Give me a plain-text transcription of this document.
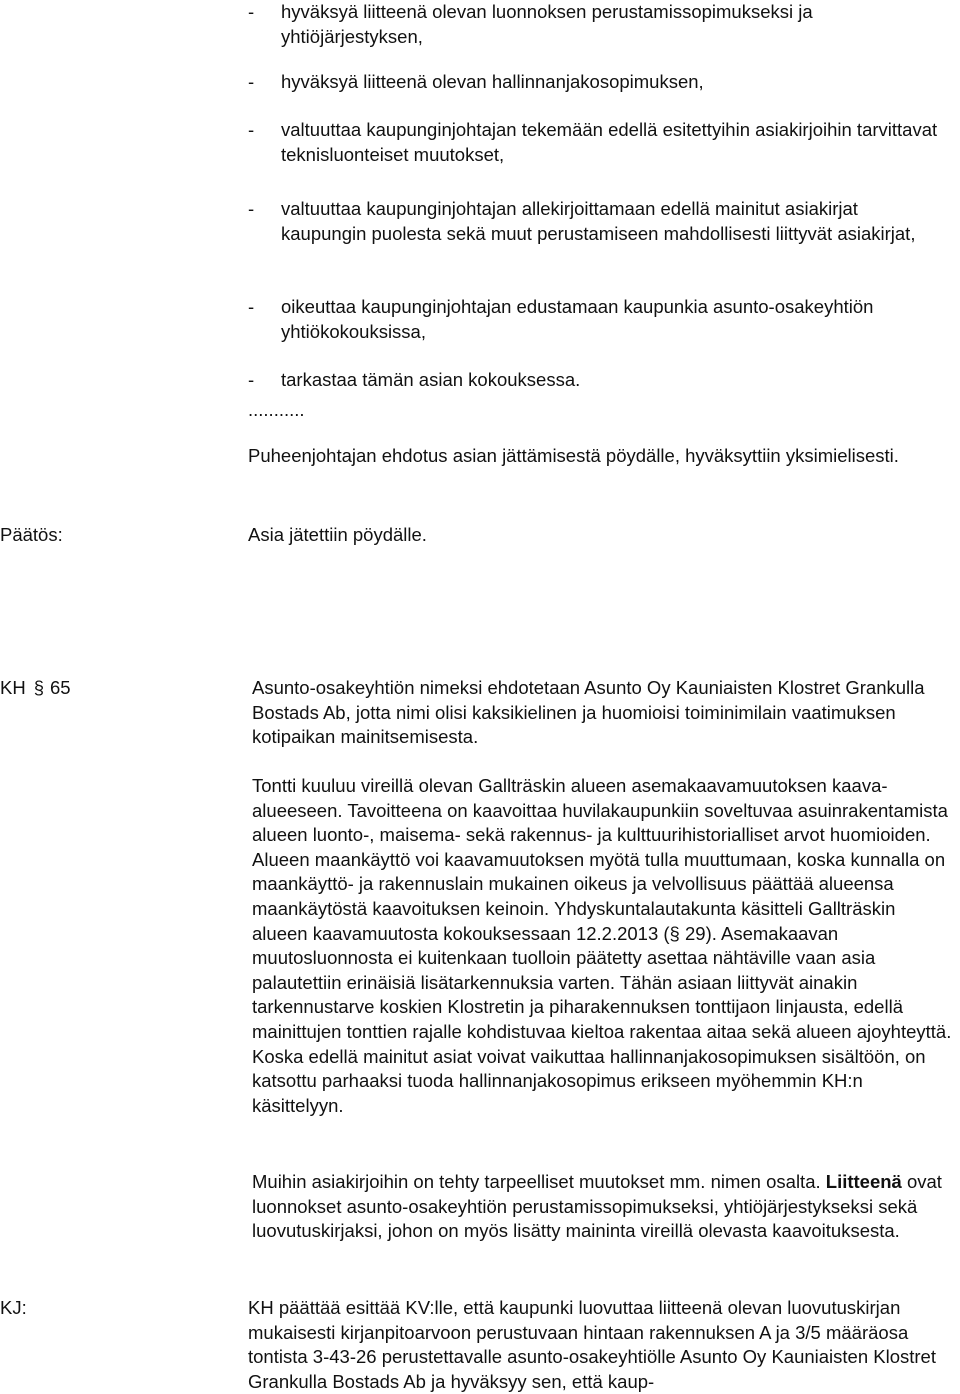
-	hyväksyä liitteenä olevan luonnoksen perustamissopimukseksi ja yhtiöjärjestyksen,
-	hyväksyä liitteenä olevan hallinnanjakosopimuksen,
-	valtuuttaa kaupunginjohtajan tekemään edellä esitettyihin asiakirjoihin tarvittavat teknisluonteiset muutokset,
-	valtuuttaa kaupunginjohtajan allekirjoittamaan edellä mainitut asiakirjat kaupungin puolesta sekä muut perustamiseen mahdollisesti liittyvät asiakirjat,
-	oikeuttaa kaupunginjohtajan edustamaan kaupunkia asunto-osakeyhtiön yhtiökokouksissa,
-	tarkastaa tämän asian kokouksessa.
...........
Puheenjohtajan ehdotus asian jättämisestä pöydälle, hyväksyttiin yksimielisesti.
Päätös:	Asia jätettiin pöydälle.
KH § 65	Asunto-osakeyhtiön nimeksi ehdotetaan Asunto Oy Kauniaisten Klostret Grankulla Bostads Ab, jotta nimi olisi kaksikielinen ja huomioisi toiminimilain vaatimuksen kotipaikan mainitsemisesta.
Tontti kuuluu vireillä olevan Gallträskin alueen asemakaavamuutoksen kaava-alueeseen. Tavoitteena on kaavoittaa huvilakaupunkiin soveltuvaa asuinrakentamista alueen luonto-, maisema- sekä rakennus- ja kulttuurihistorialliset arvot huomioiden. Alueen maankäyttö voi kaavamuutoksen myötä tulla muuttumaan, koska kunnalla on maankäyttö- ja rakennuslain mukainen oikeus ja velvollisuus päättää alueensa maankäytöstä kaavoituksen keinoin. Yhdyskuntalautakunta käsitteli Gallträskin alueen kaavamuutosta kokouksessaan 12.2.2013 (§ 29). Asemakaavan muutosluonnosta ei kuitenkaan tuolloin päätetty asettaa nähtäville vaan asia palautettiin erinäisiä lisätarkennuksia varten. Tähän asiaan liittyvät ainakin tarkennustarve koskien Klostretin ja piharakennuksen tonttijaon linjausta, edellä mainittujen tonttien rajalle kohdistuvaa kieltoa rakentaa aitaa sekä alueen ajoyhteyttä. Koska edellä mainitut asiat voivat vaikuttaa hallinnanjakosopimuksen sisältöön, on katsottu parhaaksi tuoda hallinnanjakosopimus erikseen myöhemmin KH:n käsittelyyn.
Muihin asiakirjoihin on tehty tarpeelliset muutokset mm. nimen osalta. Liitteenä ovat luonnokset asunto-osakeyhtiön perustamissopimukseksi, yhtiöjärjestykseksi sekä luovutuskirjaksi, johon on myös lisätty maininta vireillä olevasta kaavoituksesta.
KJ:	KH päättää esittää KV:lle, että kaupunki luovuttaa liitteenä olevan luovutuskirjan mukaisesti kirjanpitoarvoon perustuvaan hintaan rakennuksen A ja 3/5 määräosa tontista 3-43-26 perustettavalle asunto-osakeyhtiölle Asunto Oy Kauniaisten Klostret Grankulla Bostads Ab ja hyväksyy sen, että kaup-
